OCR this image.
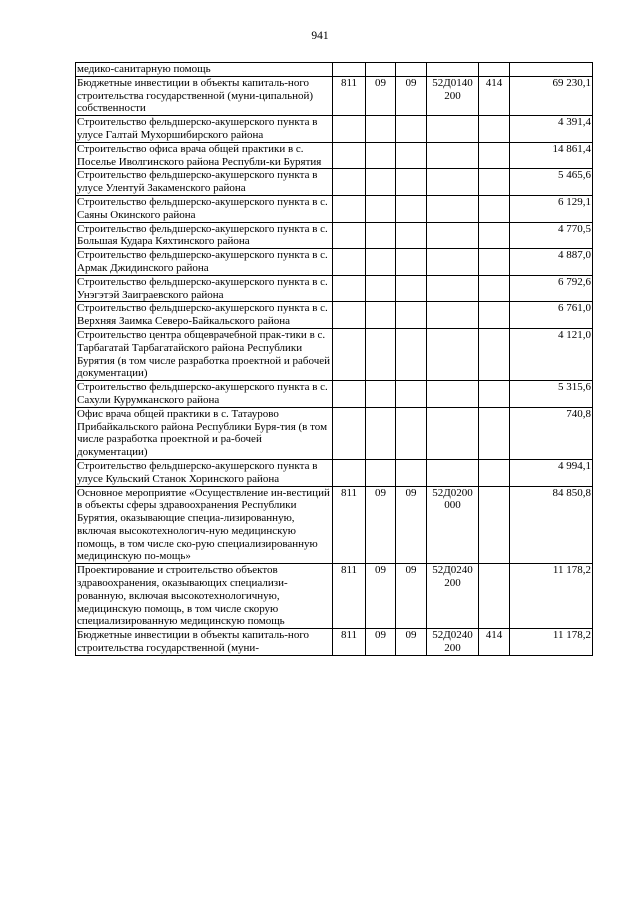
941
медико-санитарную помощь						
Бюджетные инвестиции в объекты капиталь-ного строительства государственной (муни-ципальной) собственности	811	09	09	52Д0140 200	414	69 230,1
Строительство фельдшерско-акушерского пункта в улусе Галтай Мухоршибирского района						4 391,4
Строительство офиса врача общей практики в с. Поселье Иволгинского района Республи-ки Бурятия						14 861,4
Строительство фельдшерско-акушерского пункта в улусе Улентуй Закаменского района						5 465,6
Строительство фельдшерско-акушерского пункта в с. Саяны Окинского района						6 129,1
Строительство фельдшерско-акушерского пункта в с. Большая Кудара Кяхтинского района						4 770,5
Строительство фельдшерско-акушерского пункта в с. Армак Джидинского района						4 887,0
Строительство фельдшерско-акушерского пункта в с. Унэгэтэй Заиграевского района						6 792,6
Строительство фельдшерско-акушерского пункта в с. Верхняя Заимка Северо-Байкальского района						6 761,0
Строительство центра общеврачебной прак-тики в с. Тарбагатай Тарбагатайского района Республики Бурятия (в том числе разработка проектной и рабочей документации)						4 121,0
Строительство фельдшерско-акушерского пункта в с. Сахули Курумканского района						5 315,6
Офис врача общей практики в с. Татаурово Прибайкальского района Республики Буря-тия (в том числе разработка проектной и ра-бочей документации)						740,8
Строительство фельдшерско-акушерского пункта в улусе Кульский Станок Хоринского района						4 994,1
Основное мероприятие «Осуществление ин-вестиций в объекты сферы здравоохранения Республики Бурятия, оказывающие специа-лизированную, включая высокотехнологич-ную медицинскую помощь, в том числе ско-рую специализированную медицинскую по-мощь»	811	09	09	52Д0200 000		84 850,8
Проектирование и строительство объектов здравоохранения, оказывающих специализи-рованную, включая высокотехнологичную, медицинскую помощь, в том числе скорую специализированную медицинскую помощь	811	09	09	52Д0240 200		11 178,2
Бюджетные инвестиции в объекты капиталь-ного строительства государственной (муни-	811	09	09	52Д0240 200	414	11 178,2
